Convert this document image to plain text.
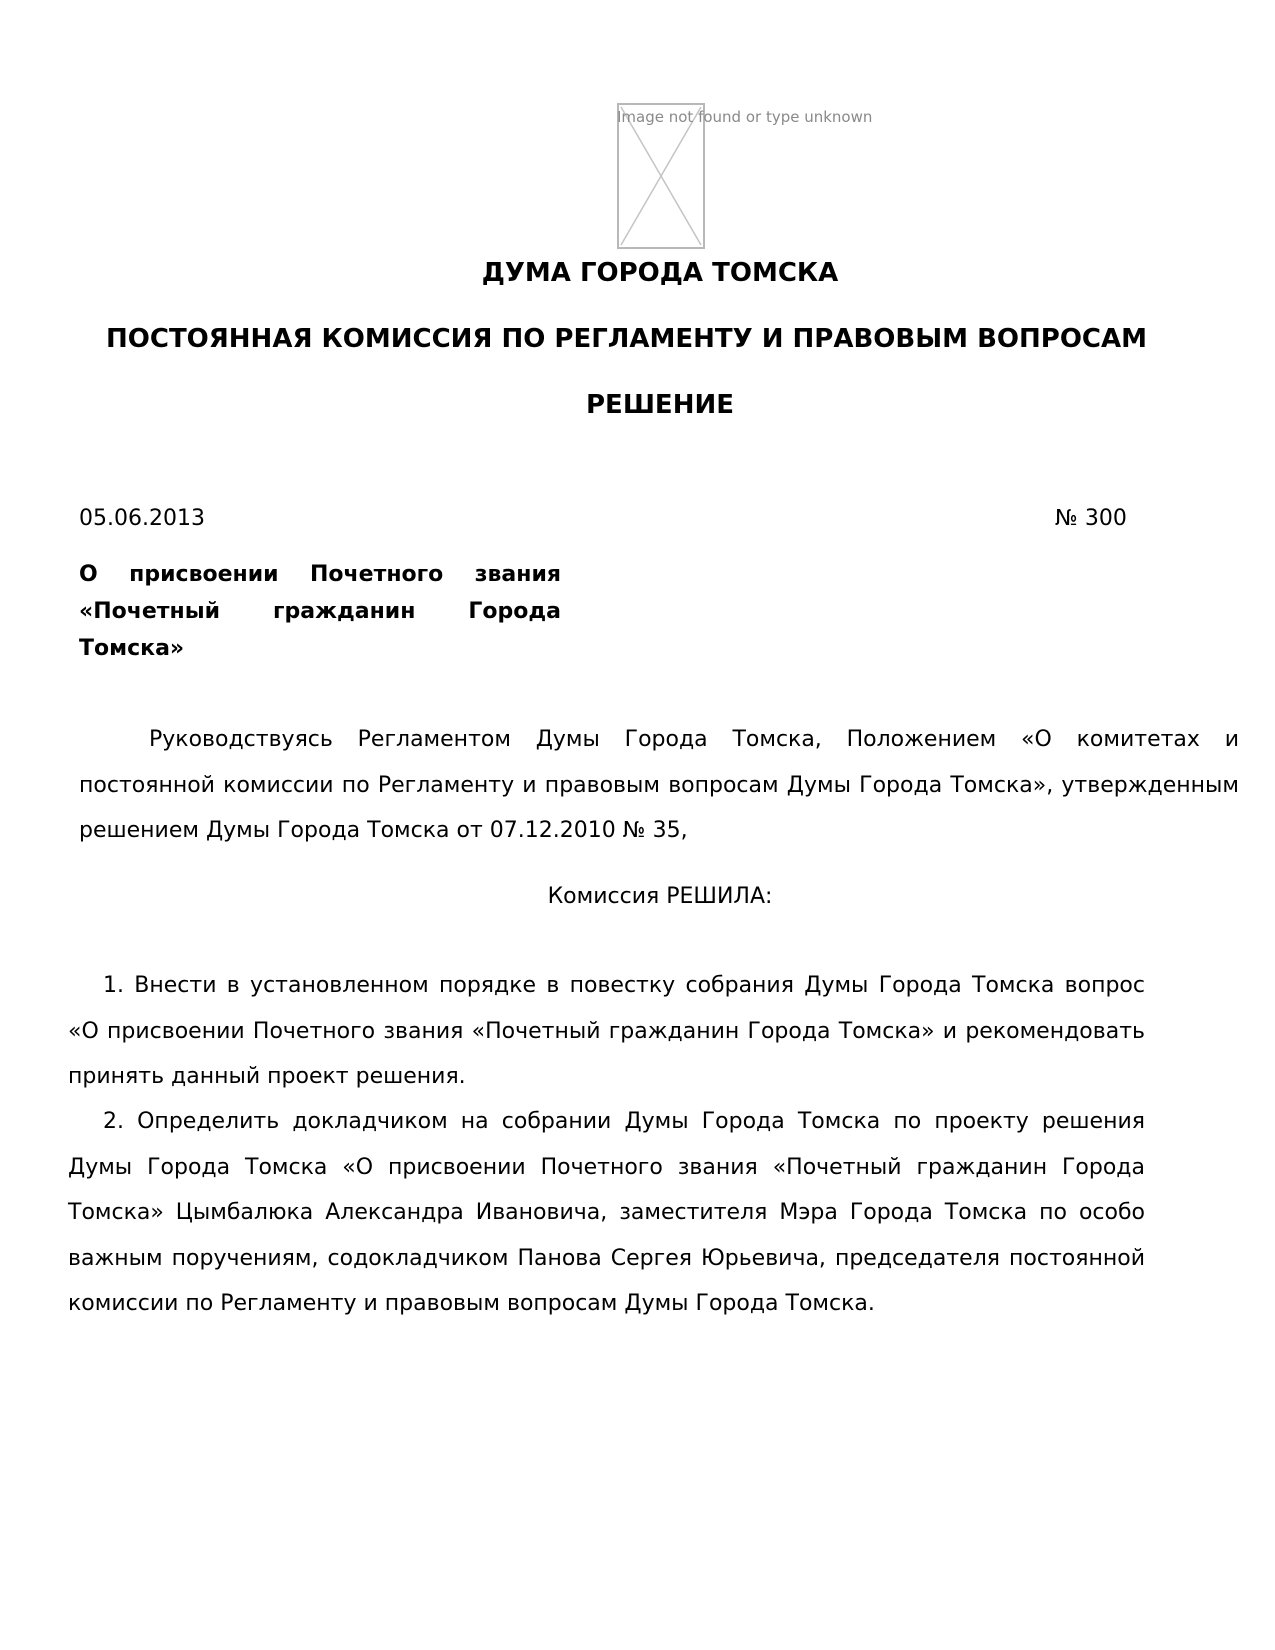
Image not found or type unknown
ДУМА ГОРОДА ТОМСКА
ПОСТОЯННАЯ КОМИССИЯ ПО РЕГЛАМЕНТУ И ПРАВОВЫМ ВОПРОСАМ
РЕШЕНИЕ
05.06.2013	№ 300
О присвоении Почетного звания «Почетный гражданин Города Томска»
Руководствуясь Регламентом Думы Города Томска, Положением «О комитетах и постоянной комиссии по Регламенту и правовым вопросам Думы Города Томска», утвержденным решением Думы Города Томска от 07.12.2010 № 35,
Комиссия РЕШИЛА:
1. Внести в установленном порядке в повестку собрания Думы Города Томска вопрос «О присвоении Почетного звания «Почетный гражданин Города Томска» и рекомендовать принять данный проект решения.
2. Определить докладчиком на собрании Думы Города Томска по проекту решения Думы Города Томска «О присвоении Почетного звания «Почетный гражданин Города Томска» Цымбалюка Александра Ивановича, заместителя Мэра Города Томска по особо важным поручениям, содокладчиком Панова Сергея Юрьевича, председателя постоянной комиссии по Регламенту и правовым вопросам Думы Города Томска.
